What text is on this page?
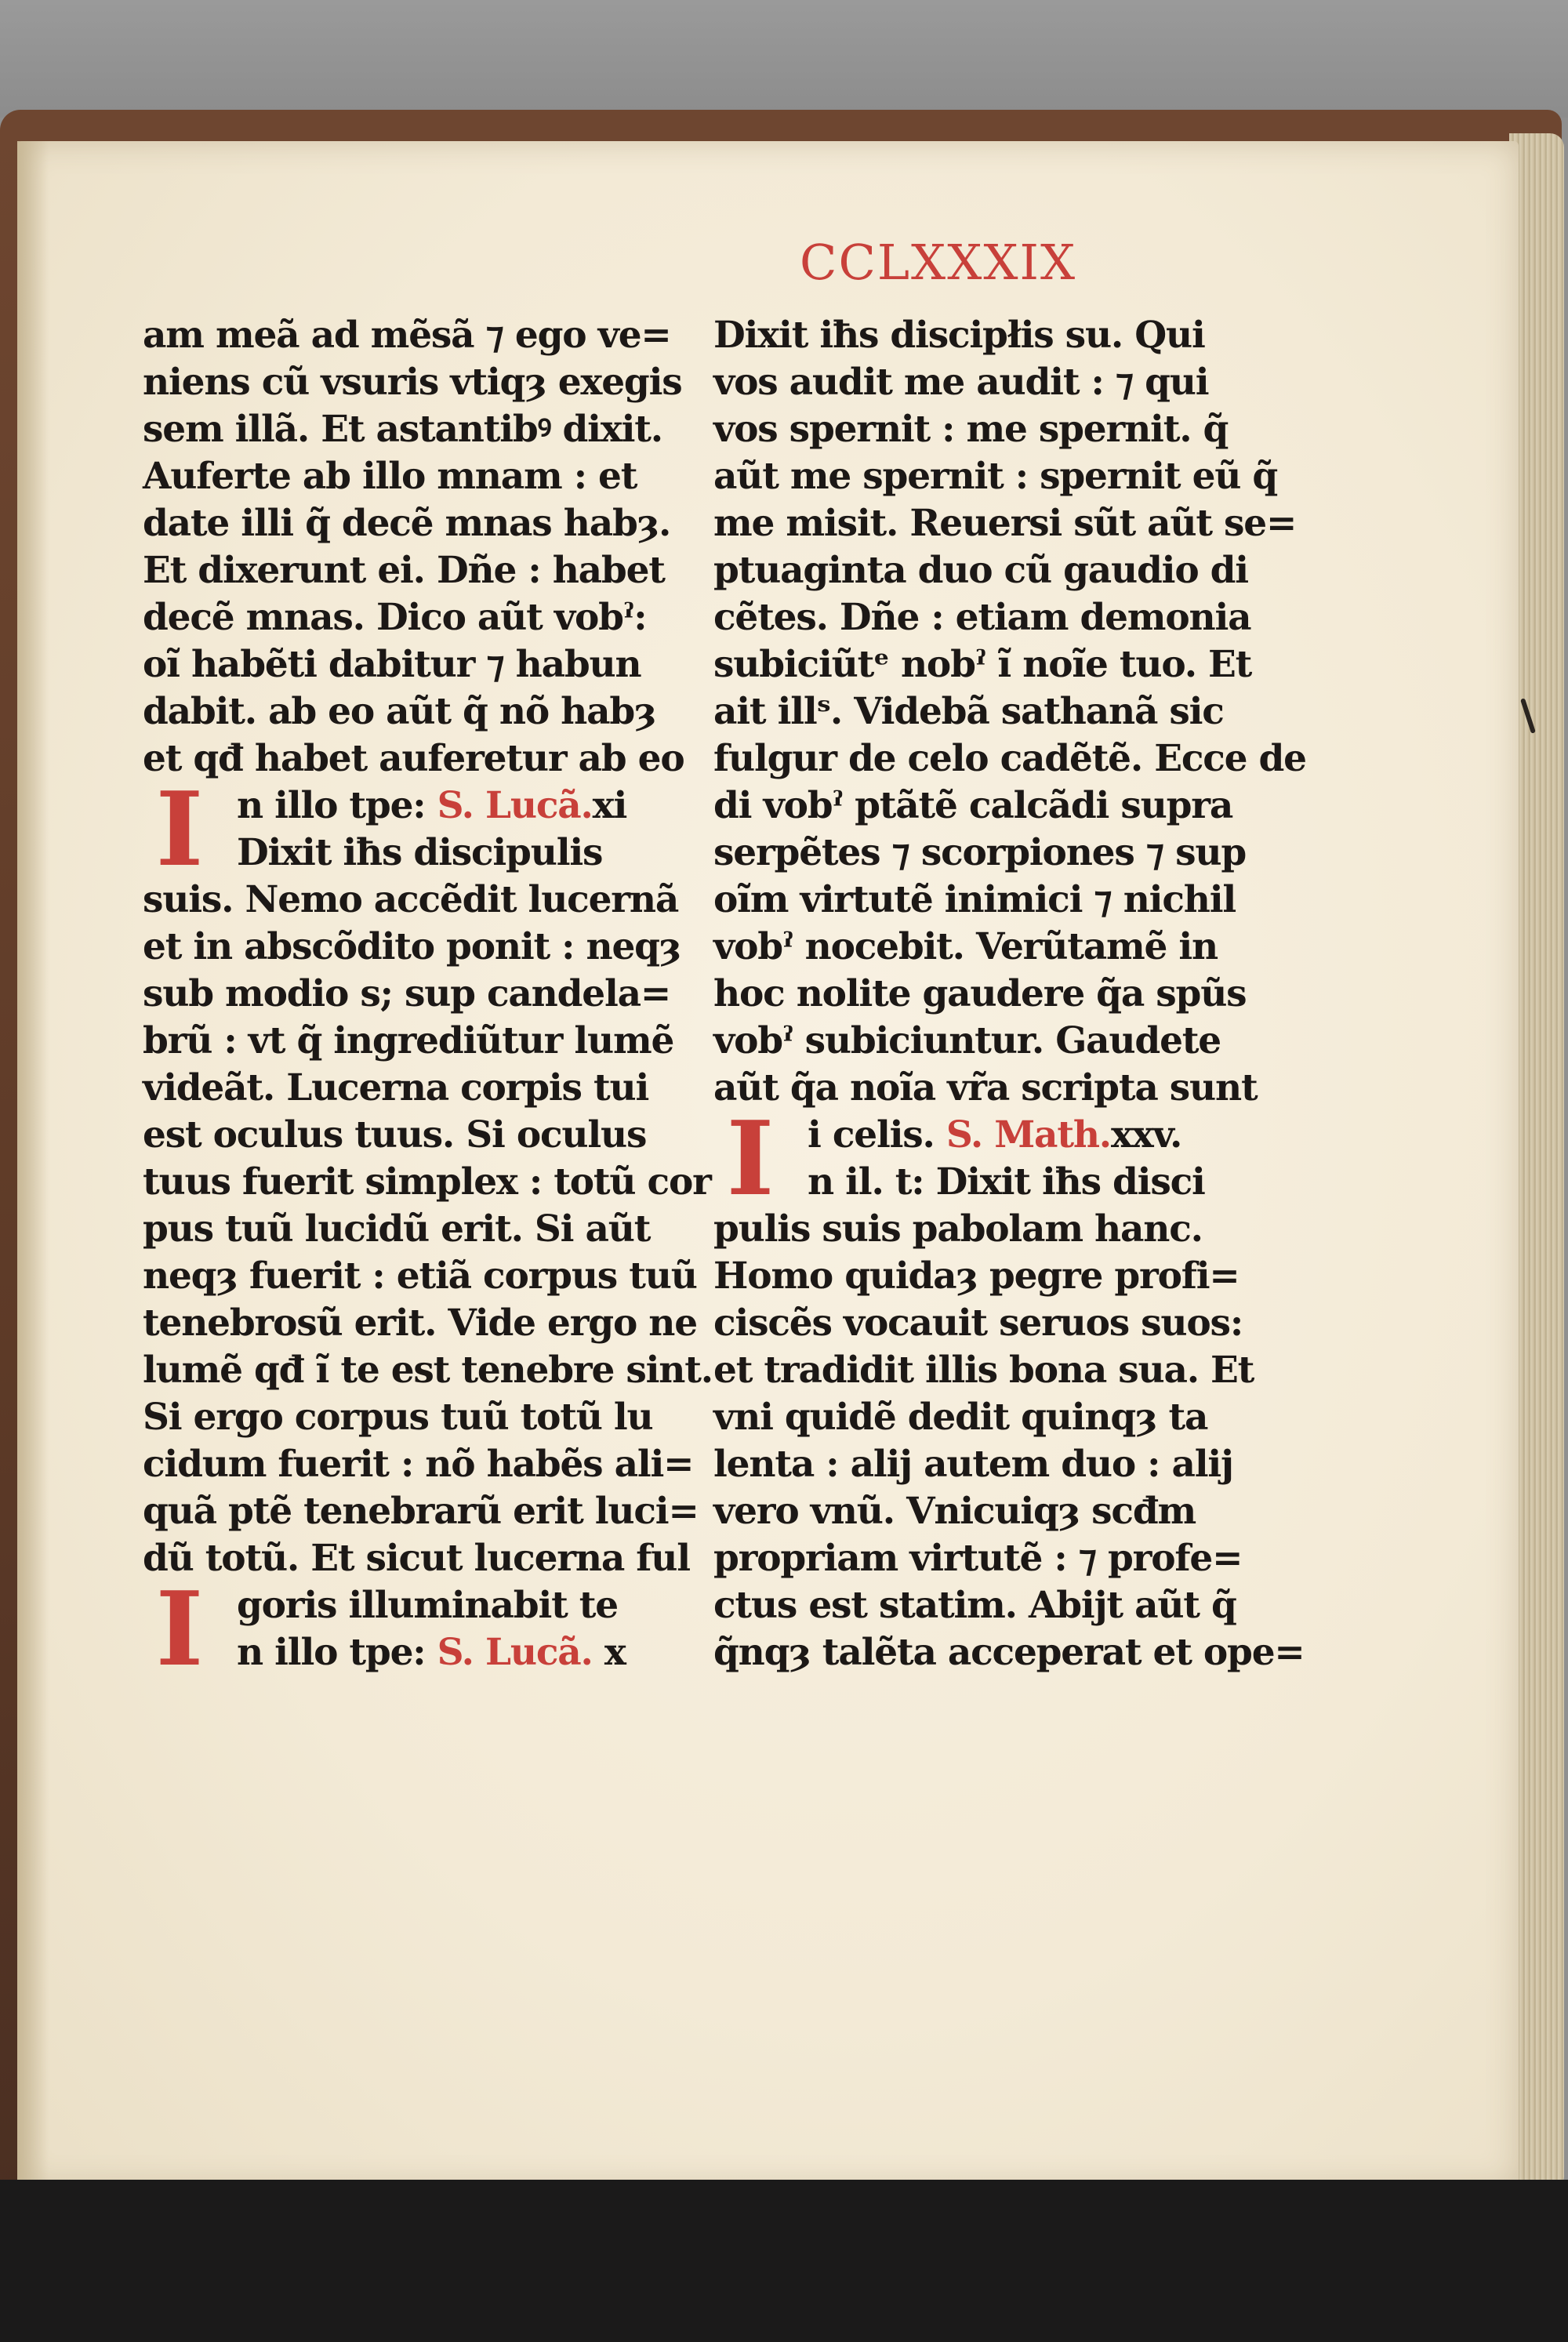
CCLXXXIX
am meã ad mẽsã ⁊ ego ve=
niens cũ vsuris vtiqȝ exegis
sem illã. Et astantibꝰ dixit.
Auferte ab illo mnam : et
date illi q̃ decẽ mnas habȝ.
Et dixerunt ei. Dñe : habet
decẽ mnas. Dico aũt vobˀ:
oĩ habẽti dabitur ⁊ habun
dabit. ab eo aũt q̃ nõ habȝ
et qđ habet auferetur ab eo
I n illo tpe: S. Lucã.xi
Dixit iħs discipulis
suis. Nemo accẽdit lucernã
et in abscõdito ponit : neqȝ
sub modio s; sup candela=
brũ : vt q̃ ingrediũtur lumẽ
videãt. Lucerna corpis tui
est oculus tuus. Si oculus
tuus fuerit simplex : totũ cor
pus tuũ lucidũ erit. Si aũt
neqȝ fuerit : etiã corpus tuũ
tenebrosũ erit. Vide ergo ne
lumẽ qđ ĩ te est tenebre sint.
Si ergo corpus tuũ totũ lu
cidum fuerit : nõ habẽs ali=
quã ptẽ tenebrarũ erit luci=
dũ totũ. Et sicut lucerna ful
I goris illuminabit te
n illo tpe: S. Lucã. x
Dixit iħs discipłis su. Qui
vos audit me audit : ⁊ qui
vos spernit : me spernit. q̃
aũt me spernit : spernit eũ q̃
me misit. Reuersi sũt aũt se=
ptuaginta duo cũ gaudio di
cẽtes. Dñe : etiam demonia
subiciũtᵉ nobˀ ĩ noĩe tuo. Et
ait illˢ. Videbã sathanã sic
fulgur de celo cadẽtẽ. Ecce de
di vobˀ ptãtẽ calcãdi supra
serpẽtes ⁊ scorpiones ⁊ sup
oĩm virtutẽ inimici ⁊ nichil
vobˀ nocebit. Verũtamẽ in
hoc nolite gaudere q̃a spũs
vobˀ subiciuntur. Gaudete
aũt q̃a noĩa vr̃a scripta sunt
I i celis. S. Math.xxv.
n il. t: Dixit iħs disci
pulis suis pabolam hanc.
Homo quidaȝ pegre profi=
ciscẽs vocauit seruos suos:
et tradidit illis bona sua. Et
vni quidẽ dedit quinqȝ ta
lenta : alij autem duo : alij
vero vnũ. Vnicuiqȝ scđm
propriam virtutẽ : ⁊ profe=
ctus est statim. Abijt aũt q̃
q̃nqȝ talẽta acceperat et ope=
